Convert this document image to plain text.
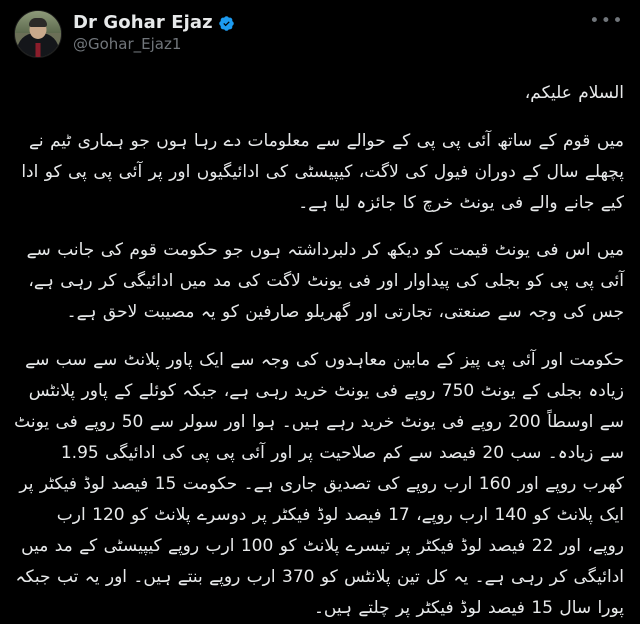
Dr Gohar Ejaz
@Gohar_Ejaz1
•••

السلام علیکم،

میں قوم کے ساتھ آئی پی پی کے حوالے سے معلومات دے رہا ہوں جو ہماری ٹیم نے پچھلے سال کے دوران فیول کی لاگت، کیپیسٹی کی ادائیگیوں اور پر آئی پی پی کو ادا کیے جانے والے فی یونٹ خرچ کا جائزہ لیا ہے۔

میں اس فی یونٹ قیمت کو دیکھ کر دلبرداشتہ ہوں جو حکومت قوم کی جانب سے آئی پی پی کو بجلی کی پیداوار اور فی یونٹ لاگت کی مد میں ادائیگی کر رہی ہے، جس کی وجہ سے صنعتی، تجارتی اور گھریلو صارفین کو یہ مصیبت لاحق ہے۔

حکومت اور آئی پی پیز کے مابین معاہدوں کی وجہ سے ایک پاور پلانٹ سے سب سے زیادہ بجلی کے یونٹ 750 روپے فی یونٹ خرید رہی ہے، جبکہ کوئلے کے پاور پلانٹس سے اوسطاً 200 روپے فی یونٹ خرید رہے ہیں۔ ہوا اور سولر سے 50 روپے فی یونٹ سے زیادہ۔ سب 20 فیصد سے کم صلاحیت پر اور آئی پی پی کی ادائیگی 1.95 کھرب روپے اور 160 ارب روپے کی تصدیق جاری ہے۔ حکومت 15 فیصد لوڈ فیکٹر پر ایک پلانٹ کو 140 ارب روپے، 17 فیصد لوڈ فیکٹر پر دوسرے پلانٹ کو 120 ارب روپے، اور 22 فیصد لوڈ فیکٹر پر تیسرے پلانٹ کو 100 ارب روپے کیپیسٹی کے مد میں ادائیگی کر رہی ہے۔ یہ کل تین پلانٹس کو 370 ارب روپے بنتے ہیں۔ اور یہ تب جبکہ پورا سال 15 فیصد لوڈ فیکٹر پر چلتے ہیں۔
